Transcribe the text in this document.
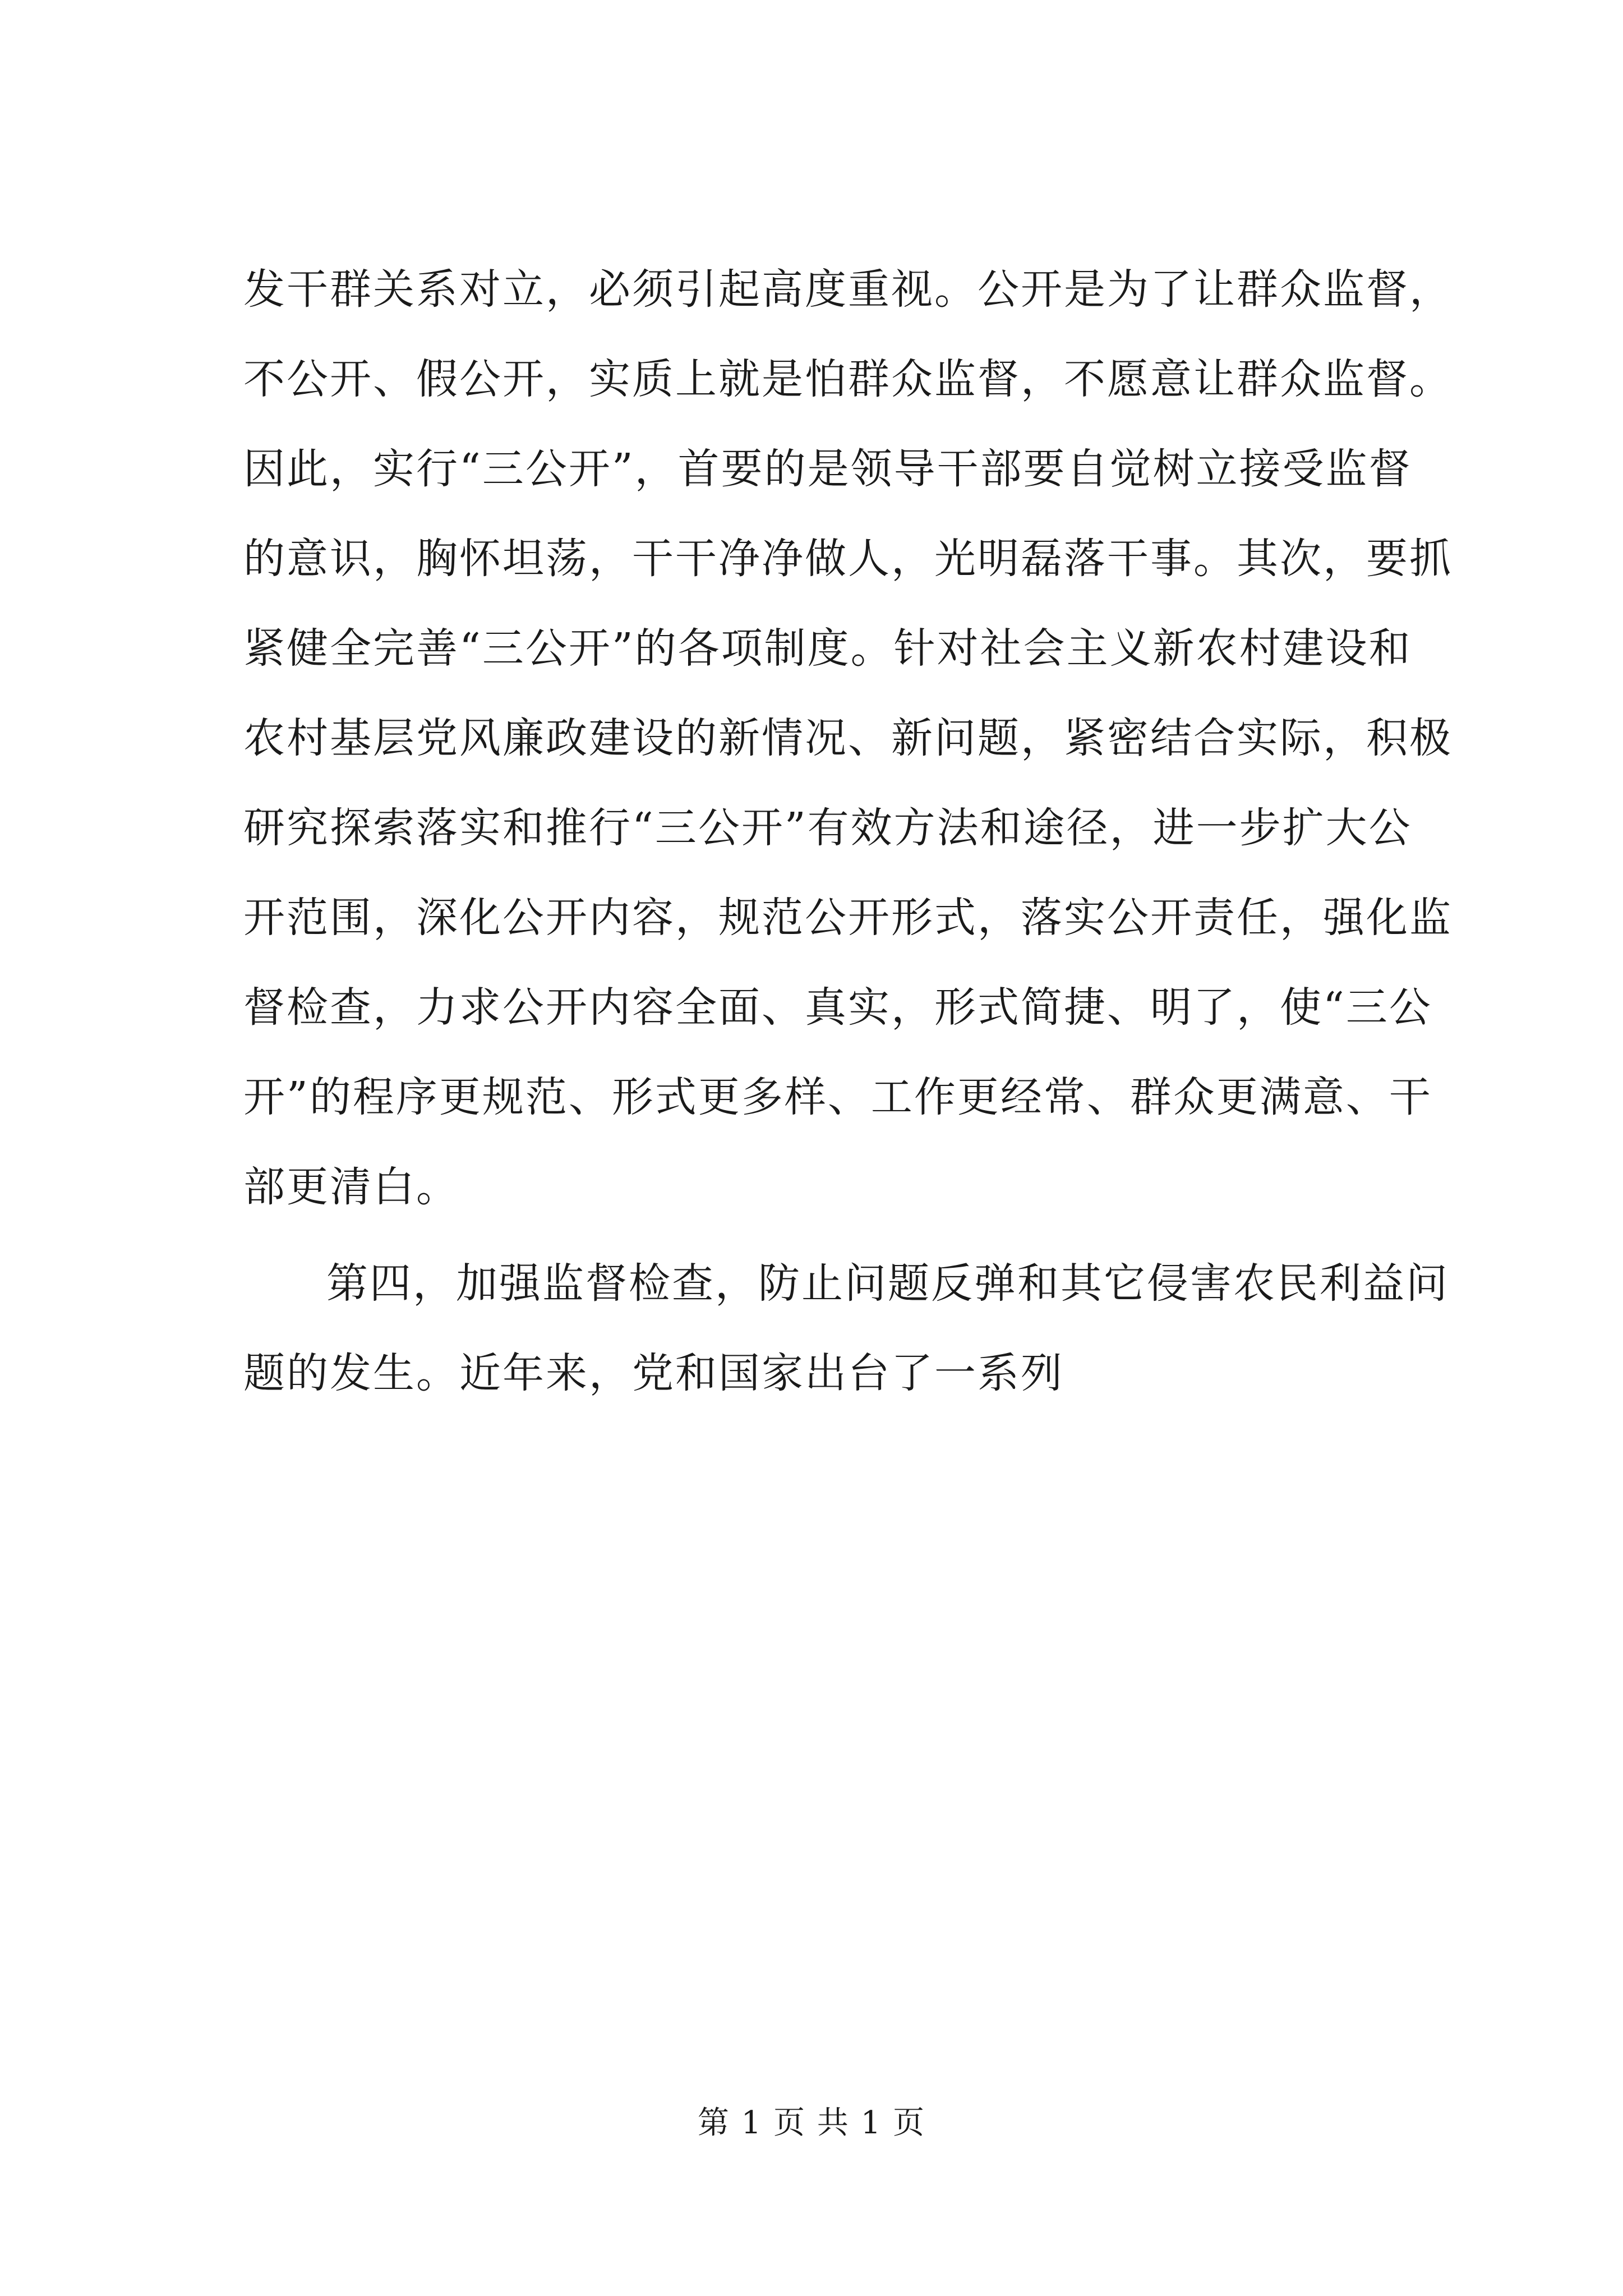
发干群关系对立，必须引起高度重视。公开是为了让群众监督，
不公开、假公开，实质上就是怕群众监督，不愿意让群众监督。
因此，实行“三公开”，首要的是领导干部要自觉树立接受监督
的意识，胸怀坦荡，干干净净做人，光明磊落干事。其次，要抓
紧健全完善“三公开”的各项制度。针对社会主义新农村建设和
农村基层党风廉政建设的新情况、新问题，紧密结合实际，积极
研究探索落实和推行“三公开”有效方法和途径，进一步扩大公
开范围，深化公开内容，规范公开形式，落实公开责任，强化监
督检查，力求公开内容全面、真实，形式简捷、明了，使“三公
开”的程序更规范、形式更多样、工作更经常、群众更满意、干
部更清白。
第四，加强监督检查，防止问题反弹和其它侵害农民利益问
题的发生。近年来，党和国家出台了一系列
第 1 页 共 1 页
